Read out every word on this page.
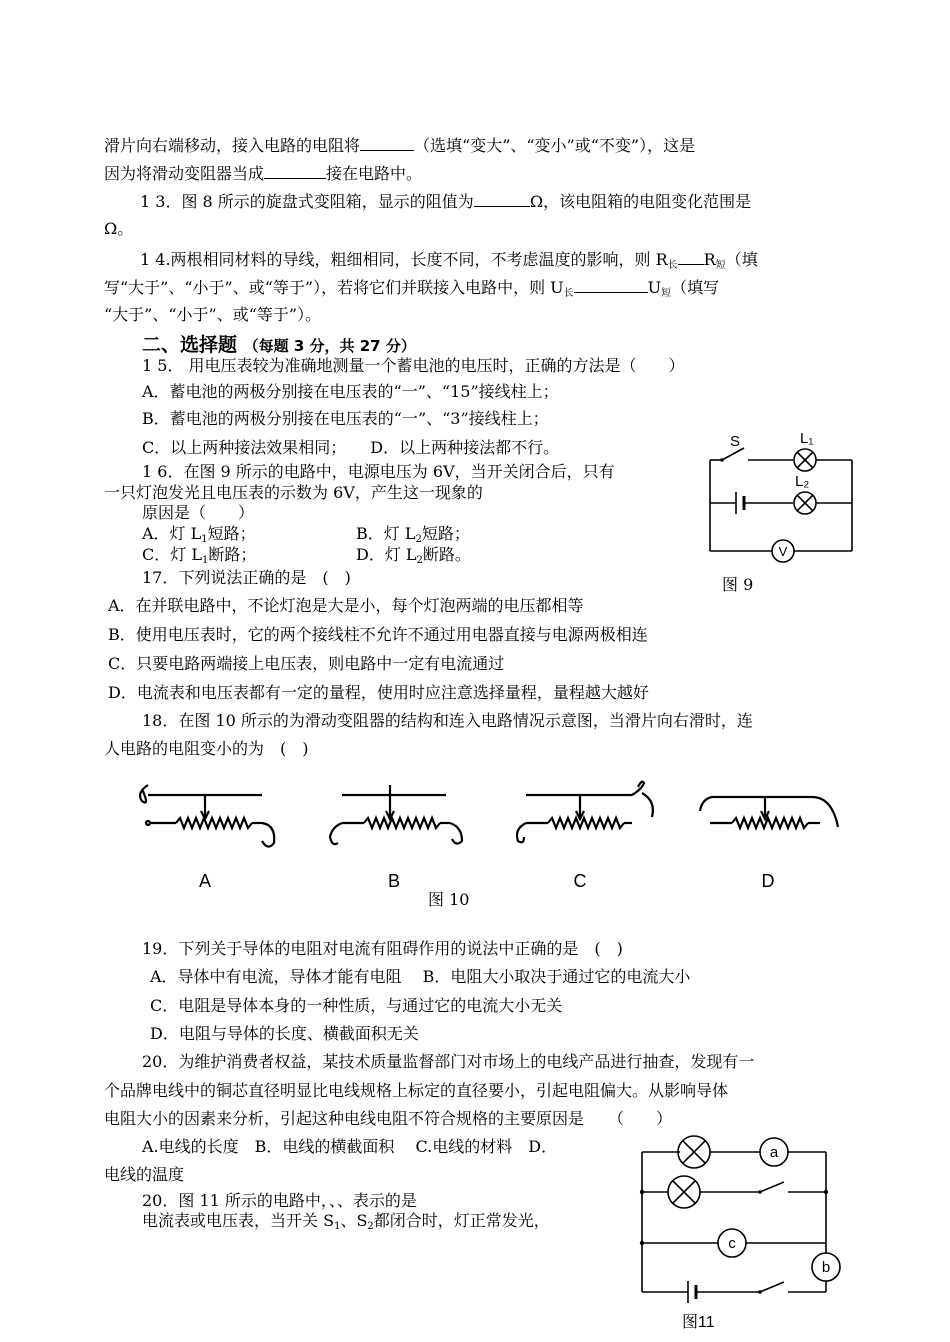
滑片向右端移动，接入电路的电阻将	（选填“变大”、“变小”或“不变”），这是
因为将滑动变阻器当成	接在电路中。
1 3．图 8 所示的旋盘式变阻箱，显示的阻值为	Ω，该电阻箱的电阻变化范围是
Ω。
1 4.两根相同材料的导线，粗细相同，长度不同，不考虑温度的影响，则 $R_长$ $R_短$（填
写“大于”、“小于”、或“等于”），若将它们并联接入电路中，则 $U_长$	$U_短$（填写
“大于”、“小于”、或“等于”）。
二、选择题 （每题 3 分，共 27 分）
1 5． 用电压表较为准确地测量一个蓄电池的电压时，正确的方法是（　　）
A．蓄电池的两极分别接在电压表的“一”、“15”接线柱上；
B．蓄电池的两极分别接在电压表的“一”、“3”接线柱上；
C．以上两种接法效果相同；　　D．以上两种接法都不行。
1 6．在图 9 所示的电路中，电源电压为 6V，当开关闭合后，只有
一只灯泡发光且电压表的示数为 6V，产生这一现象的
原因是（　　）
A．灯 $L_1$短路；	B．灯 $L_2$短路；
C．灯 $L_1$断路；	D．灯 $L_2$断路。
S	L₁
L₂
V
图 9
17．下列说法正确的是　(　)
A．在并联电路中，不论灯泡是大是小，每个灯泡两端的电压都相等
B．使用电压表时，它的两个接线柱不允许不通过用电器直接与电源两极相连
C．只要电路两端接上电压表，则电路中一定有电流通过
D．电流表和电压表都有一定的量程，使用时应注意选择量程，量程越大越好
18．在图 10 所示的为滑动变阻器的结构和连入电路情况示意图，当滑片向右滑时，连
人电路的电阻变小的为　(　)
A	B	C	D
图 10
19．下列关于导体的电阻对电流有阻碍作用的说法中正确的是　(　)
A．导体中有电流，导体才能有电阻　 B．电阻大小取决于通过它的电流大小
C．电阻是导体本身的一种性质，与通过它的电流大小无关
D．电阻与导体的长度、横截面积无关
20．为维护消费者权益，某技术质量监督部门对市场上的电线产品进行抽查，发现有一
个品牌电线中的铜芯直径明显比电线规格上标定的直径要小，引起电阻偏大。从影响导体
电阻大小的因素来分析，引起这种电线电阻不符合规格的主要原因是　　（　　）
A.电线的长度　B．电线的横截面积　 C.电线的材料　D．
电线的温度
20．图 11 所示的电路中，、、表示的是
电流表或电压表，当开关 $S_1$、$S_2$都闭合时，灯正常发光，
a
c
b
图11
